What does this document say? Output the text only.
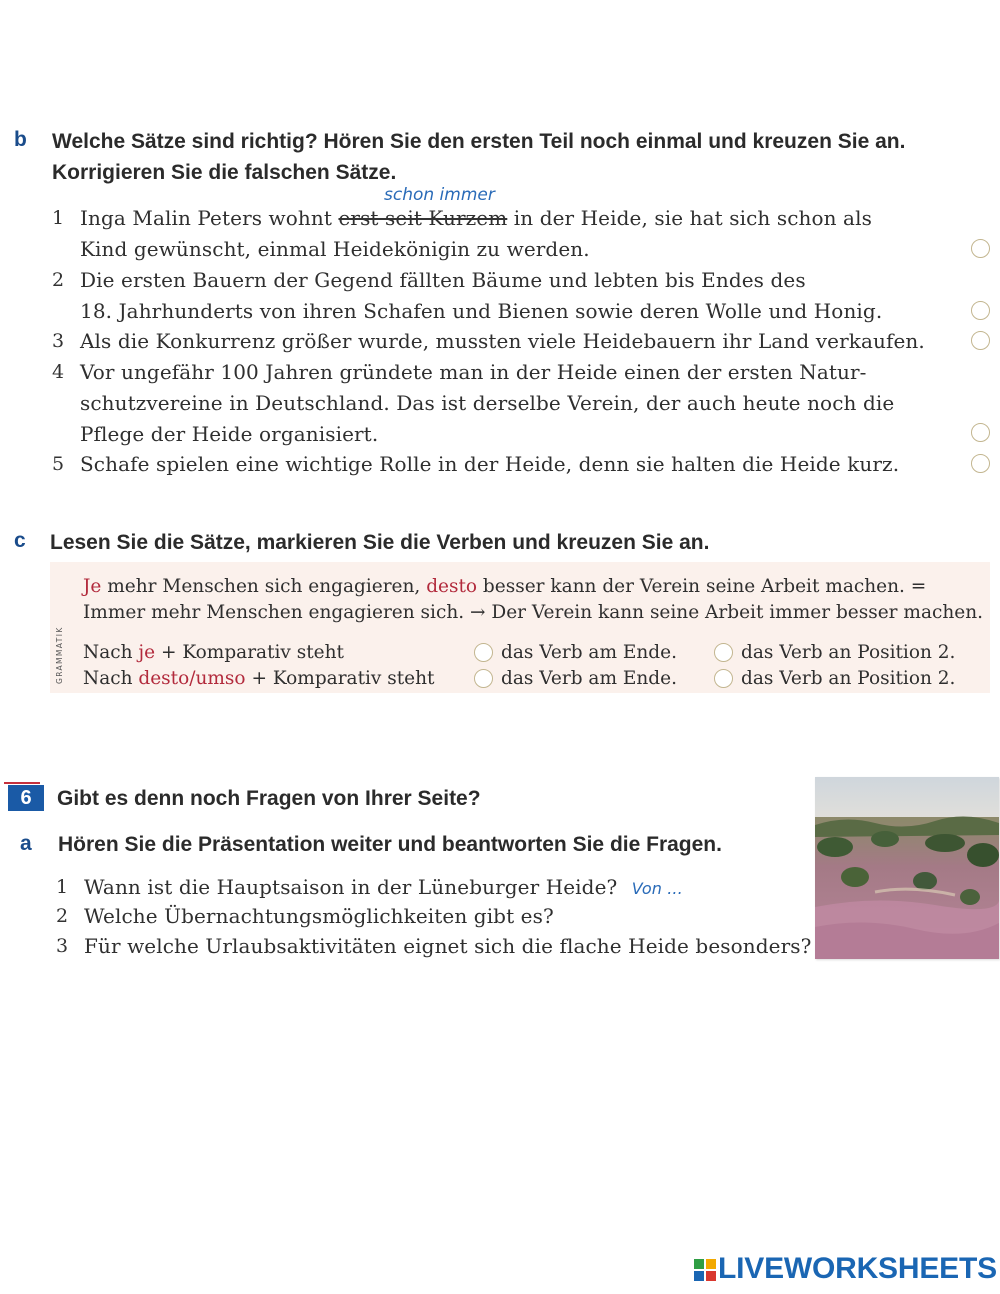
b Welche Sätze sind richtig? Hören Sie den ersten Teil noch einmal und kreuzen Sie an.
Korrigieren Sie die falschen Sätze.
schon immer
1 Inga Malin Peters wohnt erst seit Kurzem in der Heide, sie hat sich schon als
Kind gewünscht, einmal Heidekönigin zu werden.
2 Die ersten Bauern der Gegend fällten Bäume und lebten bis Endes des
18. Jahrhunderts von ihren Schafen und Bienen sowie deren Wolle und Honig.
3 Als die Konkurrenz größer wurde, mussten viele Heidebauern ihr Land verkaufen.
4 Vor ungefähr 100 Jahren gründete man in der Heide einen der ersten Natur-
schutzvereine in Deutschland. Das ist derselbe Verein, der auch heute noch die
Pflege der Heide organisiert.
5 Schafe spielen eine wichtige Rolle in der Heide, denn sie halten die Heide kurz.
c Lesen Sie die Sätze, markieren Sie die Verben und kreuzen Sie an.
GRAMMATIK
Je mehr Menschen sich engagieren, desto besser kann der Verein seine Arbeit machen. =
Immer mehr Menschen engagieren sich. → Der Verein kann seine Arbeit immer besser machen.
Nach je + Komparativ steht	das Verb am Ende.	das Verb an Position 2.
Nach desto/umso + Komparativ steht	das Verb am Ende.	das Verb an Position 2.
6	Gibt es denn noch Fragen von Ihrer Seite?
a Hören Sie die Präsentation weiter und beantworten Sie die Fragen.
1 Wann ist die Hauptsaison in der Lüneburger Heide? Von ...
2 Welche Übernachtungsmöglichkeiten gibt es?
3 Für welche Urlaubsaktivitäten eignet sich die flache Heide besonders?
LIVEWORKSHEETS
